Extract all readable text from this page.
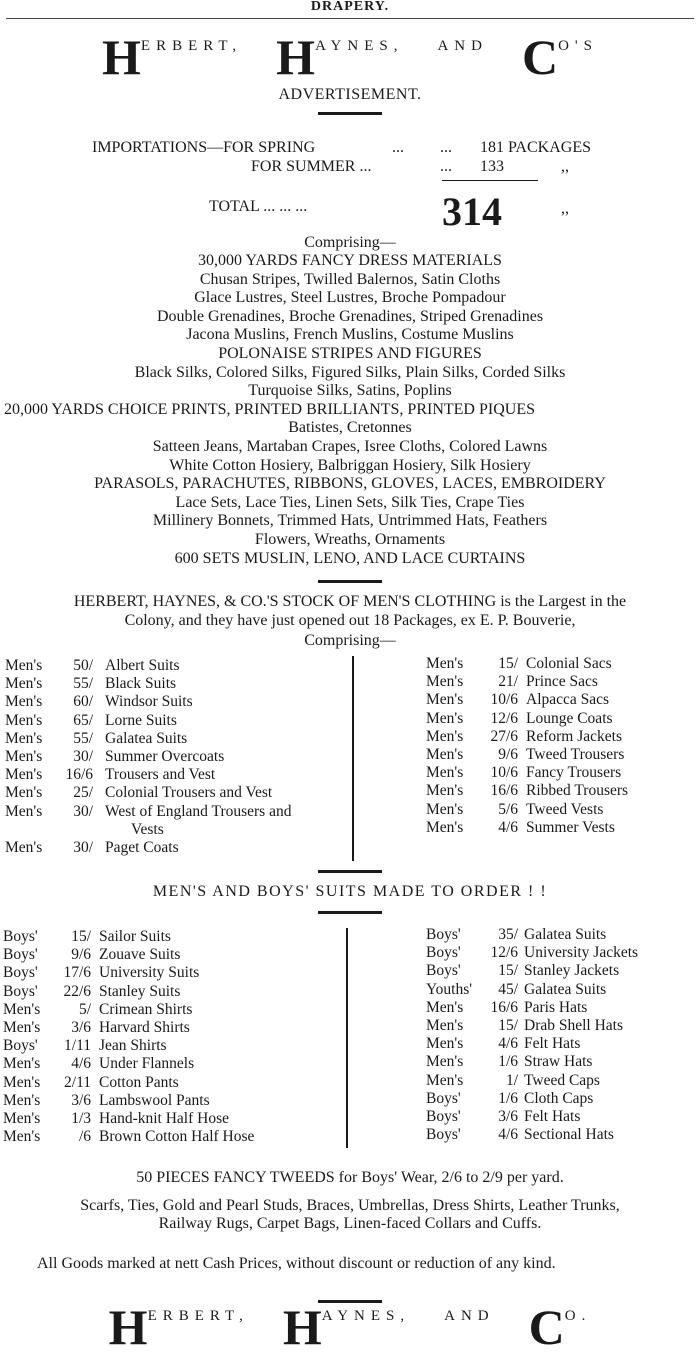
DRAPERY.
HERBERT, HAYNES, AND CO'S
ADVERTISEMENT.
IMPORTATIONS—FOR SPRING	... ... 181 PACKAGES
FOR SUMMER ...	... 133	,,
TOTAL ... ... ...	314	,,
Comprising—
30,000 YARDS FANCY DRESS MATERIALS
Chusan Stripes, Twilled Balernos, Satin Cloths
Glace Lustres, Steel Lustres, Broche Pompadour
Double Grenadines, Broche Grenadines, Striped Grenadines
Jacona Muslins, French Muslins, Costume Muslins
POLONAISE STRIPES AND FIGURES
Black Silks, Colored Silks, Figured Silks, Plain Silks, Corded Silks
Turquoise Silks, Satins, Poplins
20,000 YARDS CHOICE PRINTS, PRINTED BRILLIANTS, PRINTED PIQUES
Batistes, Cretonnes
Satteen Jeans, Martaban Crapes, Isree Cloths, Colored Lawns
White Cotton Hosiery, Balbriggan Hosiery, Silk Hosiery
PARASOLS, PARACHUTES, RIBBONS, GLOVES, LACES, EMBROIDERY
Lace Sets, Lace Ties, Linen Sets, Silk Ties, Crape Ties
Millinery Bonnets, Trimmed Hats, Untrimmed Hats, Feathers
Flowers, Wreaths, Ornaments
600 SETS MUSLIN, LENO, AND LACE CURTAINS
HERBERT, HAYNES, & CO.'S STOCK OF MEN'S CLOTHING is the Largest in the
Colony, and they have just opened out 18 Packages, ex E. P. Bouverie,
Comprising—
Men's	50/ Albert Suits
Men's	55/ Black Suits
Men's	60/ Windsor Suits
Men's	65/ Lorne Suits
Men's	55/ Galatea Suits
Men's	30/ Summer Overcoats
Men's	16/6 Trousers and Vest
Men's	25/ Colonial Trousers and Vest
Men's	30/ West of England Trousers and
Vests
Men's	30/ Paget Coats
Men's	15/ Colonial Sacs
Men's	21/ Prince Sacs
Men's	10/6 Alpacca Sacs
Men's	12/6 Lounge Coats
Men's	27/6 Reform Jackets
Men's	9/6 Tweed Trousers
Men's	10/6 Fancy Trousers
Men's	16/6 Ribbed Trousers
Men's	5/6 Tweed Vests
Men's	4/6 Summer Vests
MEN'S AND BOYS' SUITS MADE TO ORDER ! !
Boys'	15/ Sailor Suits
Boys'	9/6 Zouave Suits
Boys'	17/6 University Suits
Boys'	22/6 Stanley Suits
Men's	5/ Crimean Shirts
Men's	3/6 Harvard Shirts
Boys'	1/11 Jean Shirts
Men's	4/6 Under Flannels
Men's	2/11 Cotton Pants
Men's	3/6 Lambswool Pants
Men's	1/3 Hand-knit Half Hose
Men's	/6 Brown Cotton Half Hose
Boys'	35/ Galatea Suits
Boys'	12/6 University Jackets
Boys'	15/ Stanley Jackets
Youths'	45/ Galatea Suits
Men's	16/6 Paris Hats
Men's	15/ Drab Shell Hats
Men's	4/6 Felt Hats
Men's	1/6 Straw Hats
Men's	1/ Tweed Caps
Boys'	1/6 Cloth Caps
Boys'	3/6 Felt Hats
Boys'	4/6 Sectional Hats
50 PIECES FANCY TWEEDS for Boys' Wear, 2/6 to 2/9 per yard.
Scarfs, Ties, Gold and Pearl Studs, Braces, Umbrellas, Dress Shirts, Leather Trunks,
Railway Rugs, Carpet Bags, Linen-faced Collars and Cuffs.
All Goods marked at nett Cash Prices, without discount or reduction of any kind.
HERBERT, HAYNES, AND CO.
